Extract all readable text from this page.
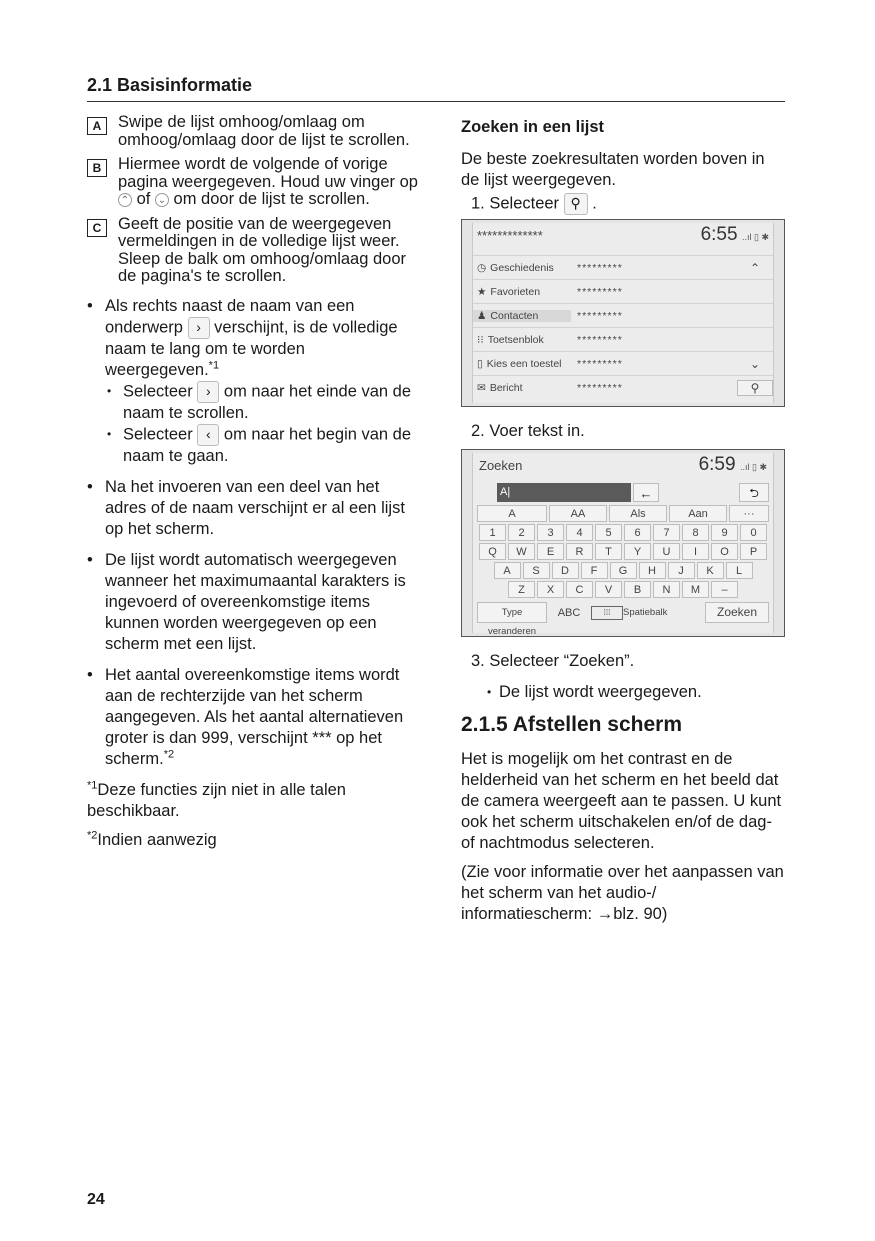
2.1 Basisinformatie
A	Swipe de lijst omhoog/omlaag om omhoog/omlaag door de lijst te scrollen.
B	Hiermee wordt de volgende of vorige pagina weergegeven. Houd uw vinger op ⌃ of ⌄ om door de lijst te scrollen.
C	Geeft de positie van de weergegeven vermeldingen in de volledige lijst weer. Sleep de balk om omhoog/omlaag door de pagina's te scrollen.
• Als rechts naast de naam van een onderwerp › verschijnt, is de volledige naam te lang om te worden weergegeven.$^{*1}$
• Selecteer › om naar het einde van de naam te scrollen.
• Selecteer ‹ om naar het begin van de naam te gaan.
• Na het invoeren van een deel van het adres of de naam verschijnt er al een lijst op het scherm.
• De lijst wordt automatisch weergegeven wanneer het maximumaantal karakters is ingevoerd of overeenkomstige items kunnen worden weergegeven op een scherm met een lijst.
• Het aantal overeenkomstige items wordt aan de rechterzijde van het scherm aangegeven. Als het aantal alternatieven groter is dan 999, verschijnt *** op het scherm.$^{*2}$
$^{*1}$Deze functies zijn niet in alle talen beschikbaar.
$^{*2}$Indien aanwezig
Zoeken in een lijst
De beste zoekresultaten worden boven in de lijst weergegeven.
1. Selecteer ⚲ .
*************	6:55 ..ıl ▯ ✱
◷ Geschiedenis	*********	⌃
★ Favorieten	*********
♟ Contacten	*********
⁝⁝ Toetsenblok	*********
▯ Kies een toestel	*********	⌄
✉ Bericht	*********	⚲
2. Voer tekst in.
Zoeken	6:59 ..ıl ▯ ✱
A|	←	⮌
A	AA	Als	Aan	···
1	2	3	4	5	6	7	8	9	0
Q	W	E	R	T	Y	U	I	O	P
A	S	D	F	G	H	J	K	L
Z	X	C	V	B	N	M	–
Type veranderen
ABC	⁞⁞⁞	Spatiebalk	Zoeken
3. Selecteer “Zoeken”.
• De lijst wordt weergegeven.
2.1.5 Afstellen scherm
Het is mogelijk om het contrast en de helderheid van het scherm en het beeld dat de camera weergeeft aan te passen. U kunt ook het scherm uitschakelen en/of de dag- of nachtmodus selecteren.
(Zie voor informatie over het aanpassen van het scherm van het audio-/ informatiescherm: →blz. 90)
24
